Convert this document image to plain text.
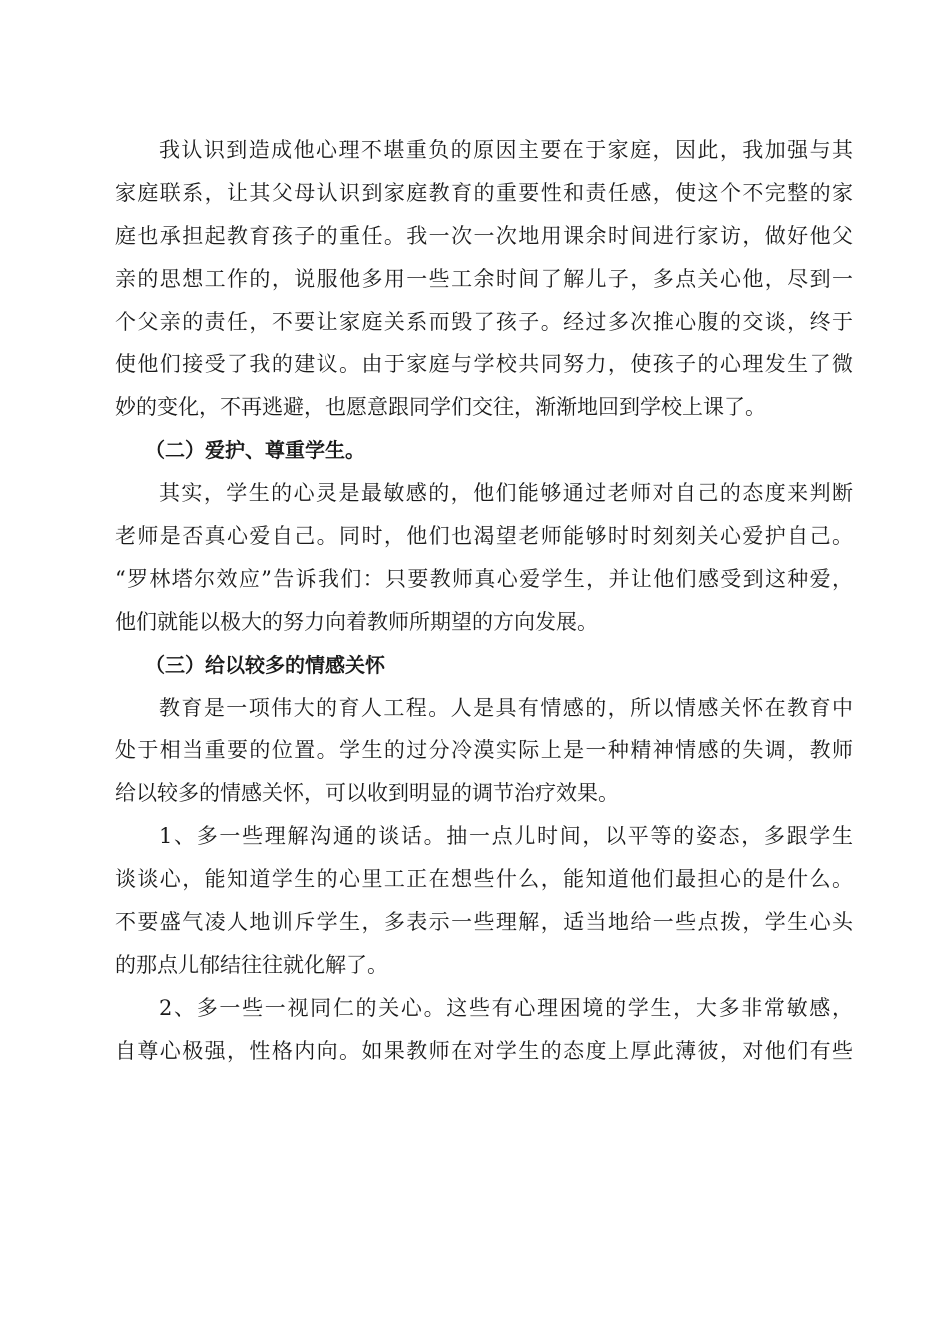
我认识到造成他心理不堪重负的原因主要在于家庭，因此，我加强与其
家庭联系，让其父母认识到家庭教育的重要性和责任感，使这个不完整的家
庭也承担起教育孩子的重任。我一次一次地用课余时间进行家访，做好他父
亲的思想工作的，说服他多用一些工余时间了解儿子，多点关心他，尽到一
个父亲的责任，不要让家庭关系而毁了孩子。经过多次推心腹的交谈，终于
使他们接受了我的建议。由于家庭与学校共同努力，使孩子的心理发生了微
妙的变化，不再逃避，也愿意跟同学们交往，渐渐地回到学校上课了。
（二）爱护、尊重学生。
其实，学生的心灵是最敏感的，他们能够通过老师对自己的态度来判断
老师是否真心爱自己。同时，他们也渴望老师能够时时刻刻关心爱护自己。
“罗林塔尔效应”告诉我们：只要教师真心爱学生，并让他们感受到这种爱，
他们就能以极大的努力向着教师所期望的方向发展。
（三）给以较多的情感关怀
教育是一项伟大的育人工程。人是具有情感的，所以情感关怀在教育中
处于相当重要的位置。学生的过分冷漠实际上是一种精神情感的失调，教师
给以较多的情感关怀，可以收到明显的调节治疗效果。
1、多一些理解沟通的谈话。抽一点儿时间，以平等的姿态，多跟学生
谈谈心，能知道学生的心里工正在想些什么，能知道他们最担心的是什么。
不要盛气凌人地训斥学生，多表示一些理解，适当地给一些点拨，学生心头
的那点儿郁结往往就化解了。
2、多一些一视同仁的关心。这些有心理困境的学生，大多非常敏感，
自尊心极强，性格内向。如果教师在对学生的态度上厚此薄彼，对他们有些
